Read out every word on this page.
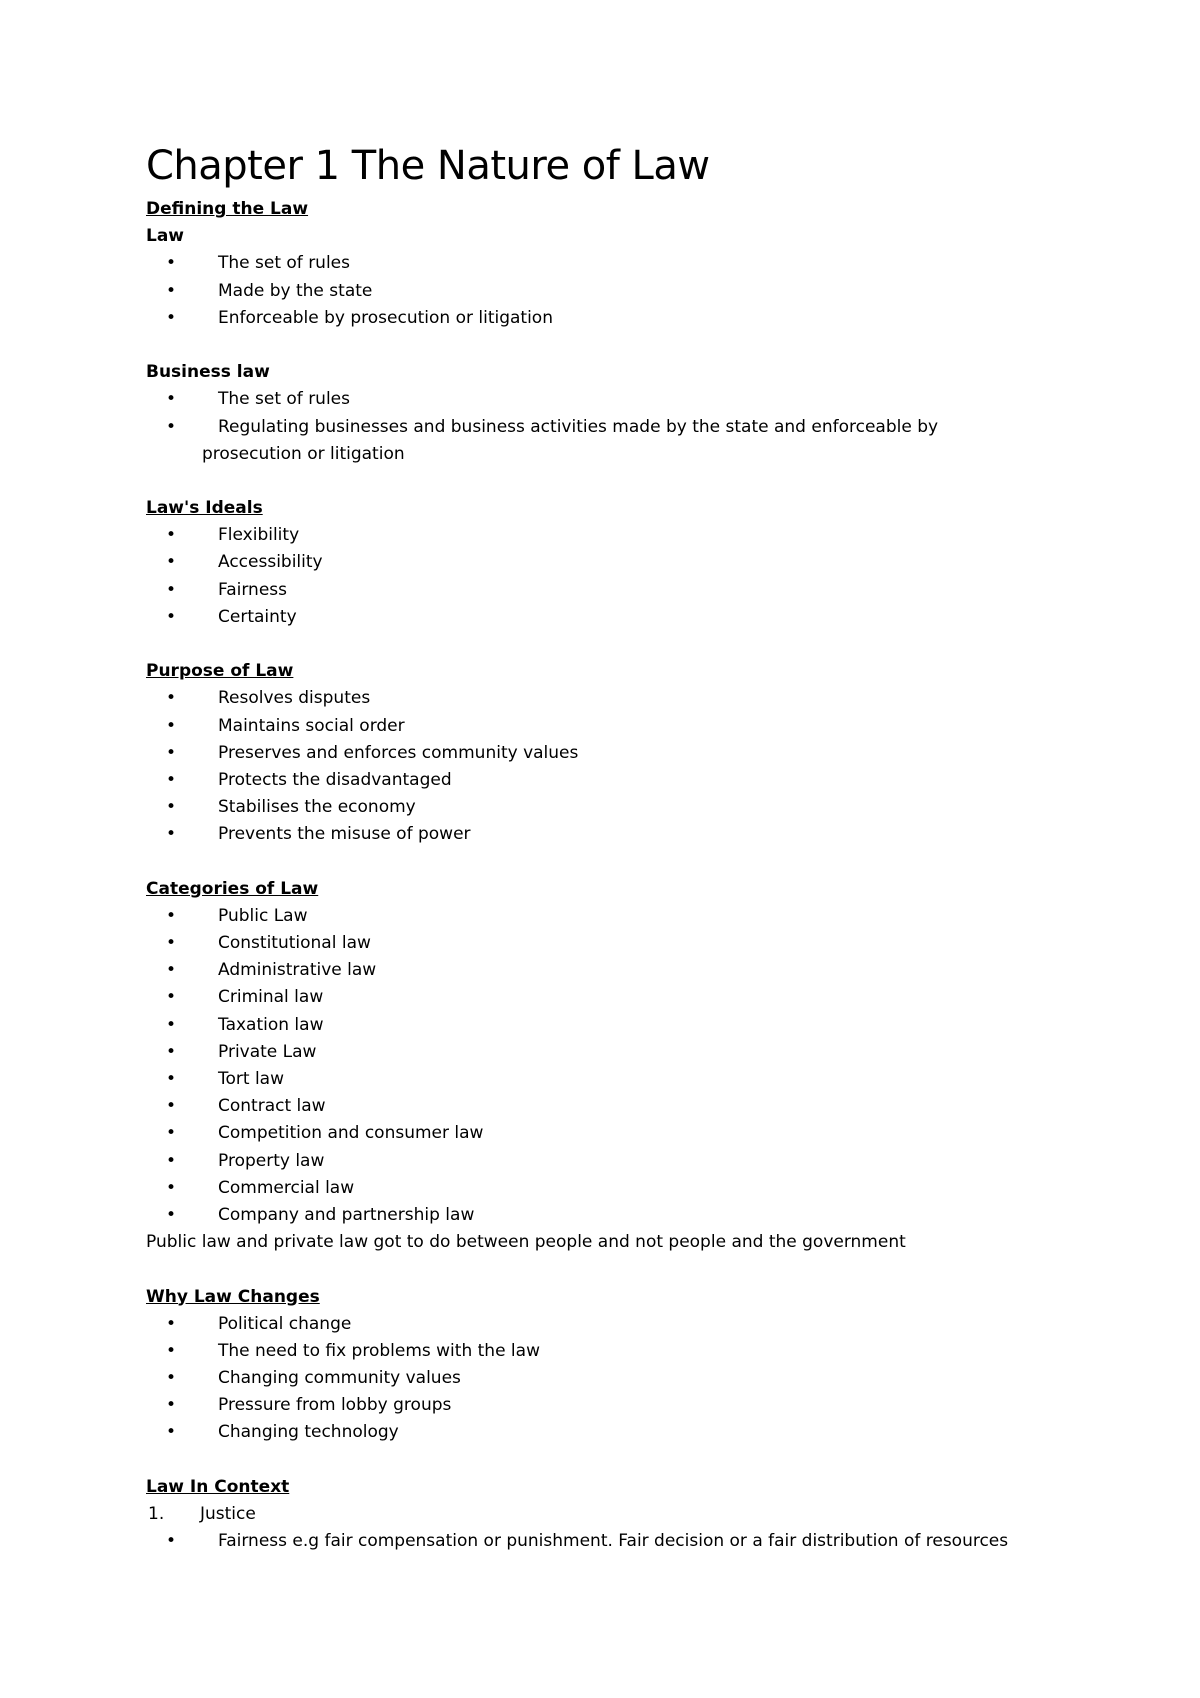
Chapter 1 The Nature of Law
Defining the Law
Law
• The set of rules
• Made by the state
• Enforceable by prosecution or litigation
Business law
• The set of rules
• Regulating businesses and business activities made by the state and enforceable by
prosecution or litigation
Law's Ideals
• Flexibility
• Accessibility
• Fairness
• Certainty
Purpose of Law
• Resolves disputes
• Maintains social order
• Preserves and enforces community values
• Protects the disadvantaged
• Stabilises the economy
• Prevents the misuse of power
Categories of Law
• Public Law
• Constitutional law
• Administrative law
• Criminal law
• Taxation law
• Private Law
• Tort law
• Contract law
• Competition and consumer law
• Property law
• Commercial law
• Company and partnership law
Public law and private law got to do between people and not people and the government
Why Law Changes
• Political change
• The need to fix problems with the law
• Changing community values
• Pressure from lobby groups
• Changing technology
Law In Context
1. Justice
• Fairness e.g fair compensation or punishment. Fair decision or a fair distribution of resources
